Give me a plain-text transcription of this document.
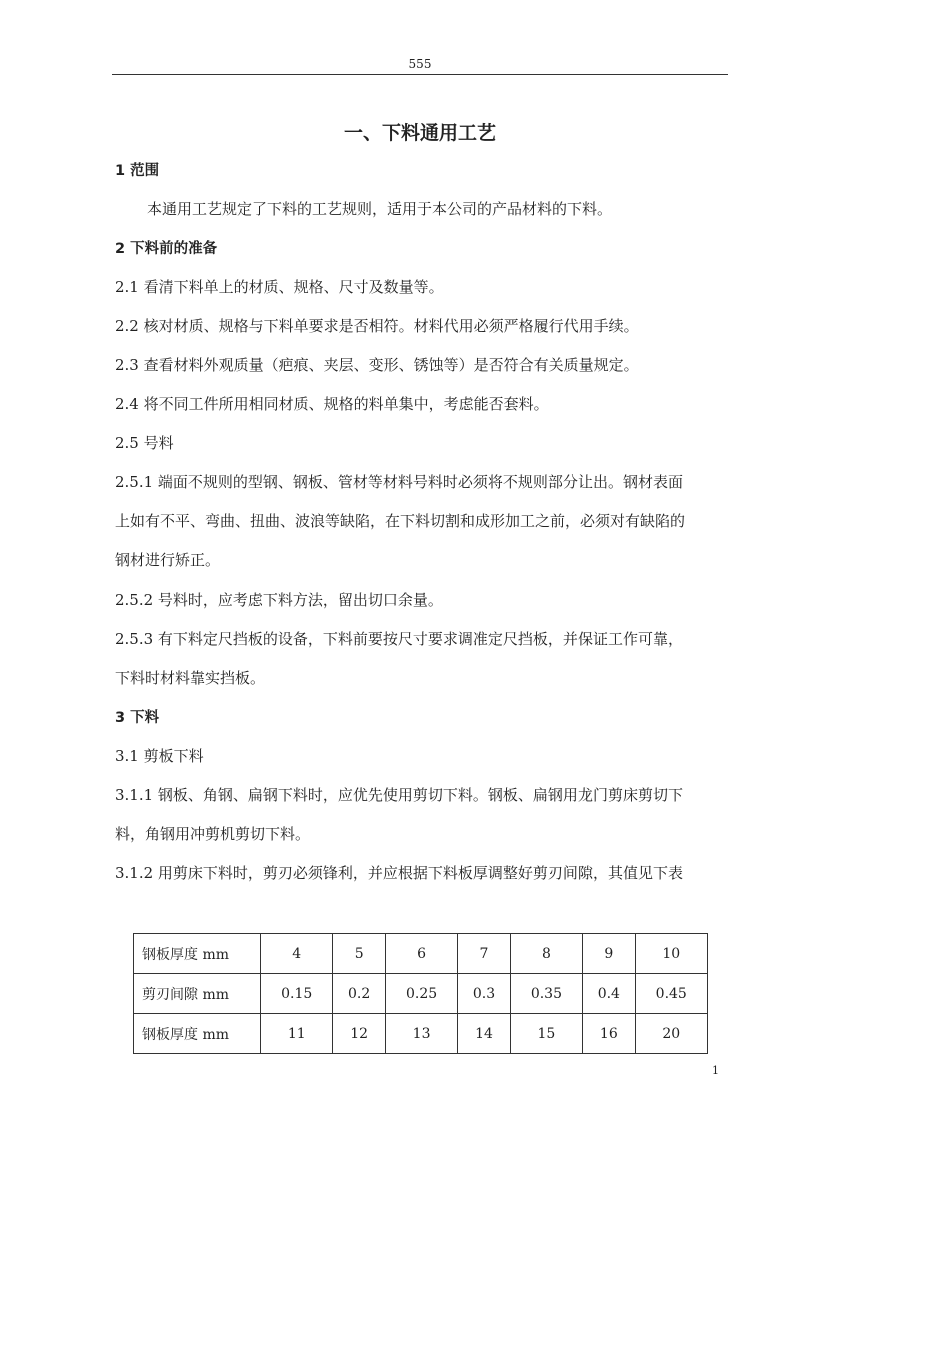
555
一、下料通用工艺
1 范围
本通用工艺规定了下料的工艺规则，适用于本公司的产品材料的下料。
2 下料前的准备
2.1 看清下料单上的材质、规格、尺寸及数量等。
2.2 核对材质、规格与下料单要求是否相符。材料代用必须严格履行代用手续。
2.3 查看材料外观质量（疤痕、夹层、变形、锈蚀等）是否符合有关质量规定。
2.4 将不同工件所用相同材质、规格的料单集中，考虑能否套料。
2.5 号料
2.5.1 端面不规则的型钢、钢板、管材等材料号料时必须将不规则部分让出。钢材表面
上如有不平、弯曲、扭曲、波浪等缺陷，在下料切割和成形加工之前，必须对有缺陷的
钢材进行矫正。
2.5.2 号料时，应考虑下料方法，留出切口余量。
2.5.3 有下料定尺挡板的设备，下料前要按尺寸要求调准定尺挡板，并保证工作可靠，
下料时材料靠实挡板。
3 下料
3.1 剪板下料
3.1.1 钢板、角钢、扁钢下料时，应优先使用剪切下料。钢板、扁钢用龙门剪床剪切下
料，角钢用冲剪机剪切下料。
3.1.2 用剪床下料时，剪刃必须锋利，并应根据下料板厚调整好剪刃间隙，其值见下表
钢板厚度 mm	4	5	6	7	8	9	10
剪刃间隙 mm	0.15	0.2	0.25	0.3	0.35	0.4	0.45
钢板厚度 mm	11	12	13	14	15	16	20
1
